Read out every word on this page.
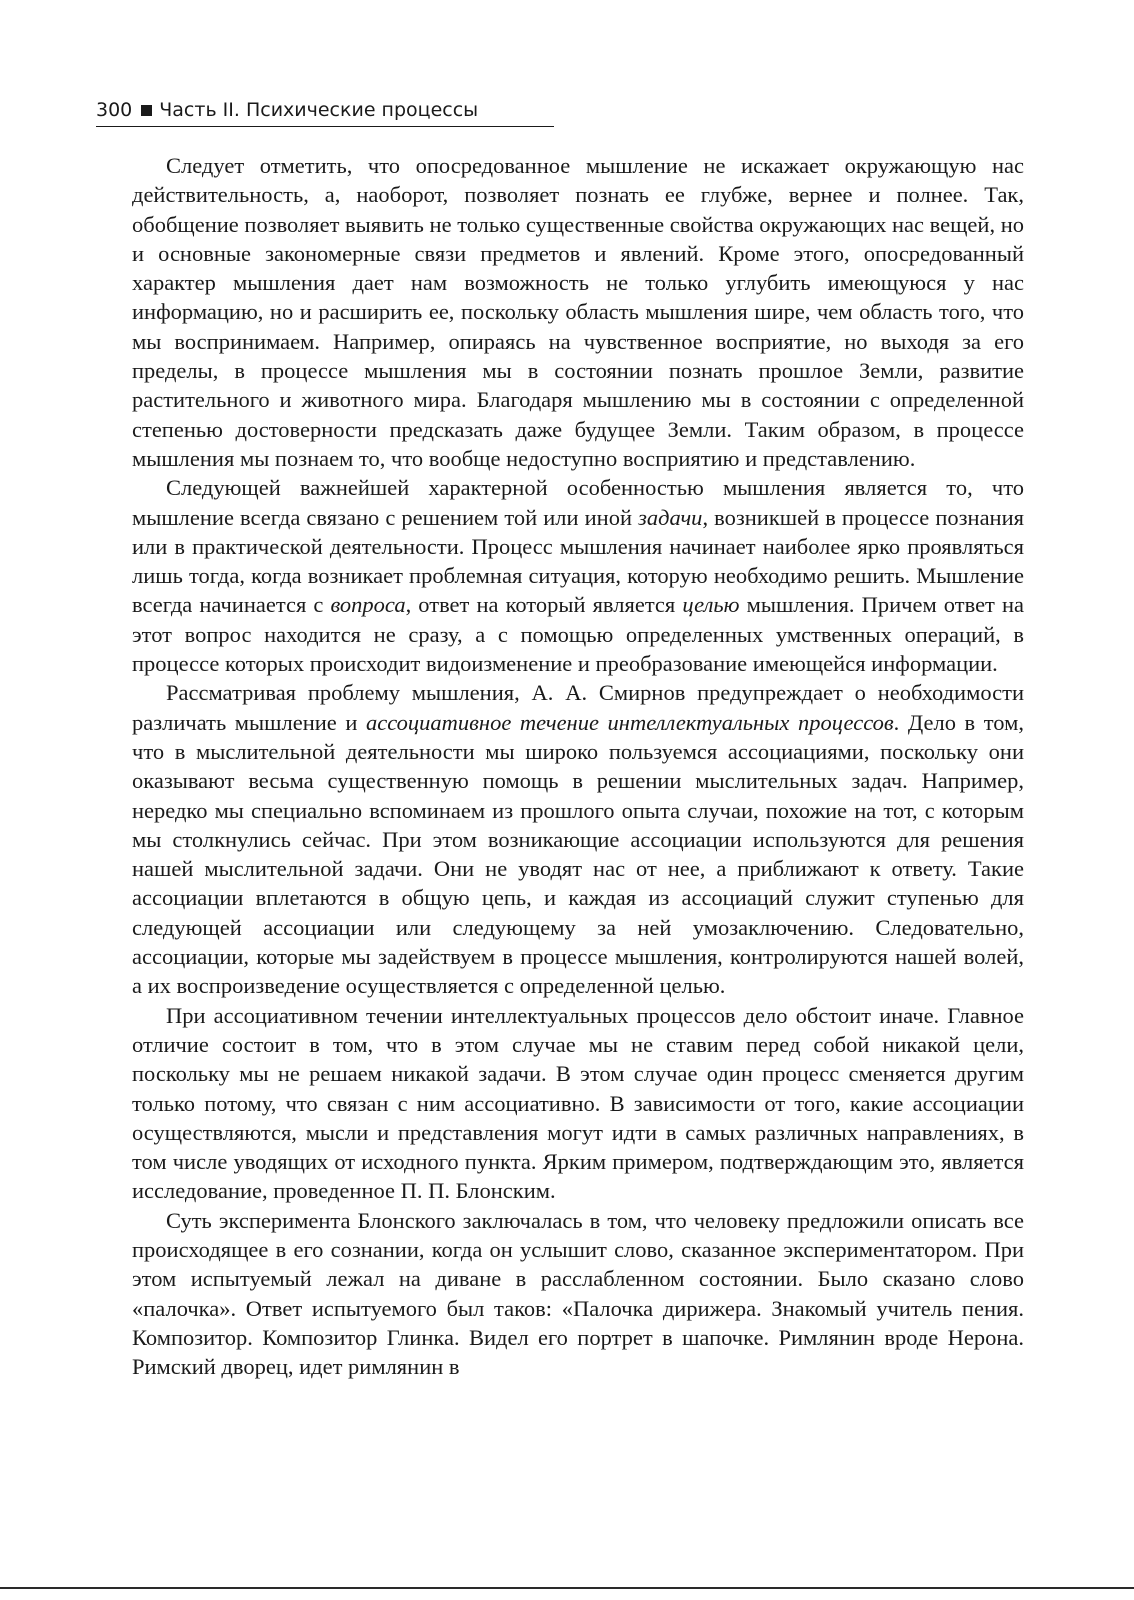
300 Часть II. Психические процессы

Следует отметить, что опосредованное мышление не искажает окружающую нас действительность, а, наоборот, позволяет познать ее глубже, вернее и полнее. Так, обобщение позволяет выявить не только существенные свойства окружающих нас вещей, но и основные закономерные связи предметов и явлений. Кроме этого, опосредованный характер мышления дает нам возможность не только углубить имеющуюся у нас информацию, но и расширить ее, поскольку область мышления шире, чем область того, что мы воспринимаем. Например, опираясь на чувственное восприятие, но выходя за его пределы, в процессе мышления мы в состоянии познать прошлое Земли, развитие растительного и животного мира. Благодаря мышлению мы в состоянии с определенной степенью достоверности предсказать даже будущее Земли. Таким образом, в процессе мышления мы познаем то, что вообще недоступно восприятию и представлению.

Следующей важнейшей характерной особенностью мышления является то, что мышление всегда связано с решением той или иной задачи, возникшей в процессе познания или в практической деятельности. Процесс мышления начинает наиболее ярко проявляться лишь тогда, когда возникает проблемная ситуация, которую необходимо решить. Мышление всегда начинается с вопроса, ответ на который является целью мышления. Причем ответ на этот вопрос находится не сразу, а с помощью определенных умственных операций, в процессе которых происходит видоизменение и преобразование имеющейся информации.

Рассматривая проблему мышления, А. А. Смирнов предупреждает о необходимости различать мышление и ассоциативное течение интеллектуальных процессов. Дело в том, что в мыслительной деятельности мы широко пользуемся ассоциациями, поскольку они оказывают весьма существенную помощь в решении мыслительных задач. Например, нередко мы специально вспоминаем из прошлого опыта случаи, похожие на тот, с которым мы столкнулись сейчас. При этом возникающие ассоциации используются для решения нашей мыслительной задачи. Они не уводят нас от нее, а приближают к ответу. Такие ассоциации вплетаются в общую цепь, и каждая из ассоциаций служит ступенью для следующей ассоциации или следующему за ней умозаключению. Следовательно, ассоциации, которые мы задействуем в процессе мышления, контролируются нашей волей, а их воспроизведение осуществляется с определенной целью.

При ассоциативном течении интеллектуальных процессов дело обстоит иначе. Главное отличие состоит в том, что в этом случае мы не ставим перед собой никакой цели, поскольку мы не решаем никакой задачи. В этом случае один процесс сменяется другим только потому, что связан с ним ассоциативно. В зависимости от того, какие ассоциации осуществляются, мысли и представления могут идти в самых различных направлениях, в том числе уводящих от исходного пункта. Ярким примером, подтверждающим это, является исследование, проведенное П. П. Блонским.

Суть эксперимента Блонского заключалась в том, что человеку предложили описать все происходящее в его сознании, когда он услышит слово, сказанное экспериментатором. При этом испытуемый лежал на диване в расслабленном состоянии. Было сказано слово «палочка». Ответ испытуемого был таков: «Палочка дирижера. Знакомый учитель пения. Композитор. Композитор Глинка. Видел его портрет в шапочке. Римлянин вроде Нерона. Римский дворец, идет римлянин в
